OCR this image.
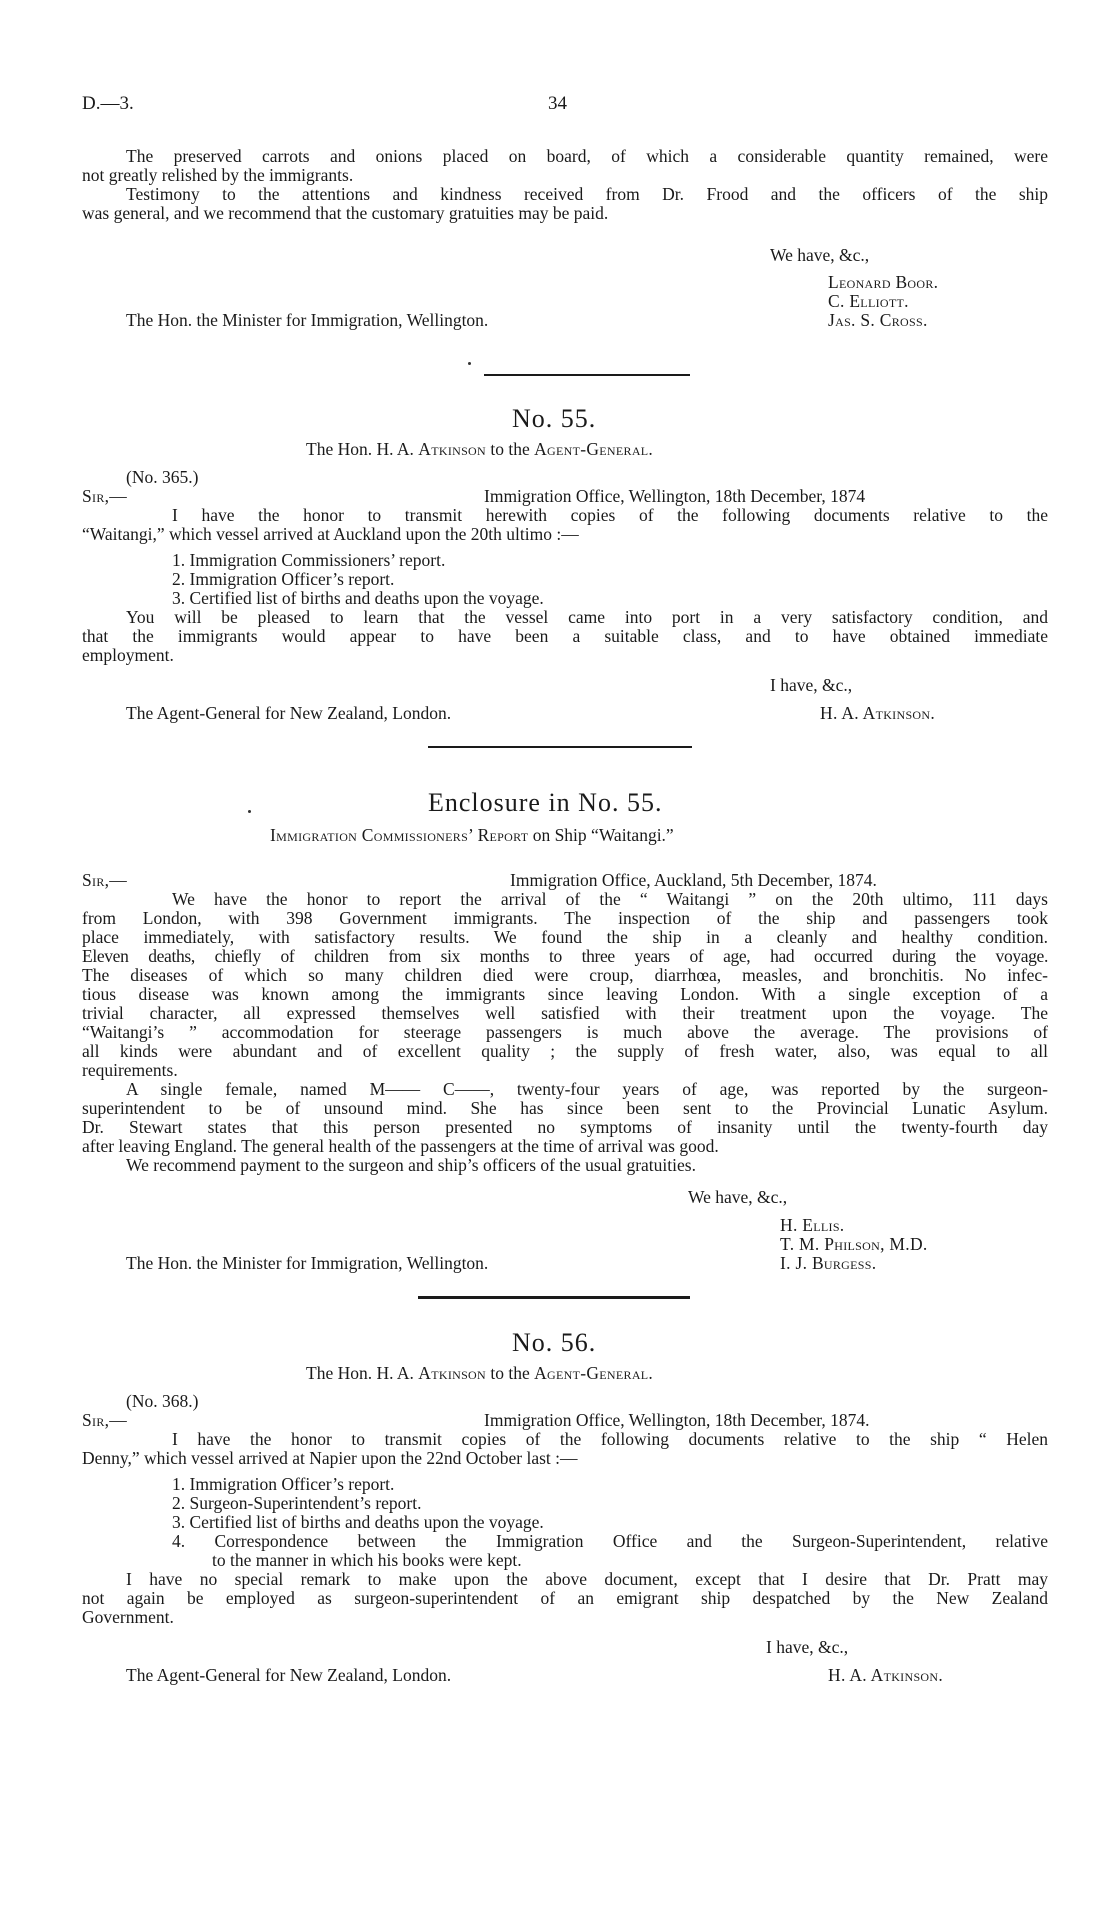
D.—3.	34
The preserved carrots and onions placed on board, of which a considerable quantity remained, were
not greatly relished by the immigrants.
Testimony to the attentions and kindness received from Dr. Frood and the officers of the ship
was general, and we recommend that the customary gratuities may be paid.
We have, &c.,
Leonard Boor.
C. Elliott.
The Hon. the Minister for Immigration, Wellington.	Jas. S. Cross.
No. 55.
The Hon. H. A. Atkinson to the Agent-General.
(No. 365.)
Sir,—	Immigration Office, Wellington, 18th December, 1874
I have the honor to transmit herewith copies of the following documents relative to the
“Waitangi,” which vessel arrived at Auckland upon the 20th ultimo :—
1. Immigration Commissioners’ report.
2. Immigration Officer’s report.
3. Certified list of births and deaths upon the voyage.
You will be pleased to learn that the vessel came into port in a very satisfactory condition, and
that the immigrants would appear to have been a suitable class, and to have obtained immediate
employment.
I have, &c.,
The Agent-General for New Zealand, London.	H. A. Atkinson.
Enclosure in No. 55.
Immigration Commissioners’ Report on Ship “Waitangi.”
Sir,—	Immigration Office, Auckland, 5th December, 1874.
We have the honor to report the arrival of the “ Waitangi ” on the 20th ultimo, 111 days
from London, with 398 Government immigrants. The inspection of the ship and passengers took
place immediately, with satisfactory results. We found the ship in a cleanly and healthy condition.
Eleven deaths, chiefly of children from six months to three years of age, had occurred during the voyage.
The diseases of which so many children died were croup, diarrhœa, measles, and bronchitis. No infec-
tious disease was known among the immigrants since leaving London. With a single exception of a
trivial character, all expressed themselves well satisfied with their treatment upon the voyage. The
“Waitangi’s ” accommodation for steerage passengers is much above the average. The provisions of
all kinds were abundant and of excellent quality ; the supply of fresh water, also, was equal to all
requirements.
A single female, named M—— C——, twenty-four years of age, was reported by the surgeon-
superintendent to be of unsound mind. She has since been sent to the Provincial Lunatic Asylum.
Dr. Stewart states that this person presented no symptoms of insanity until the twenty-fourth day
after leaving England. The general health of the passengers at the time of arrival was good.
We recommend payment to the surgeon and ship’s officers of the usual gratuities.
We have, &c.,
H. Ellis.
T. M. Philson, M.D.
The Hon. the Minister for Immigration, Wellington.	I. J. Burgess.
No. 56.
The Hon. H. A. Atkinson to the Agent-General.
(No. 368.)
Sir,—	Immigration Office, Wellington, 18th December, 1874.
I have the honor to transmit copies of the following documents relative to the ship “ Helen
Denny,” which vessel arrived at Napier upon the 22nd October last :—
1. Immigration Officer’s report.
2. Surgeon-Superintendent’s report.
3. Certified list of births and deaths upon the voyage.
4. Correspondence between the Immigration Office and the Surgeon-Superintendent, relative
to the manner in which his books were kept.
I have no special remark to make upon the above document, except that I desire that Dr. Pratt may
not again be employed as surgeon-superintendent of an emigrant ship despatched by the New Zealand
Government.
I have, &c.,
The Agent-General for New Zealand, London.	H. A. Atkinson.
